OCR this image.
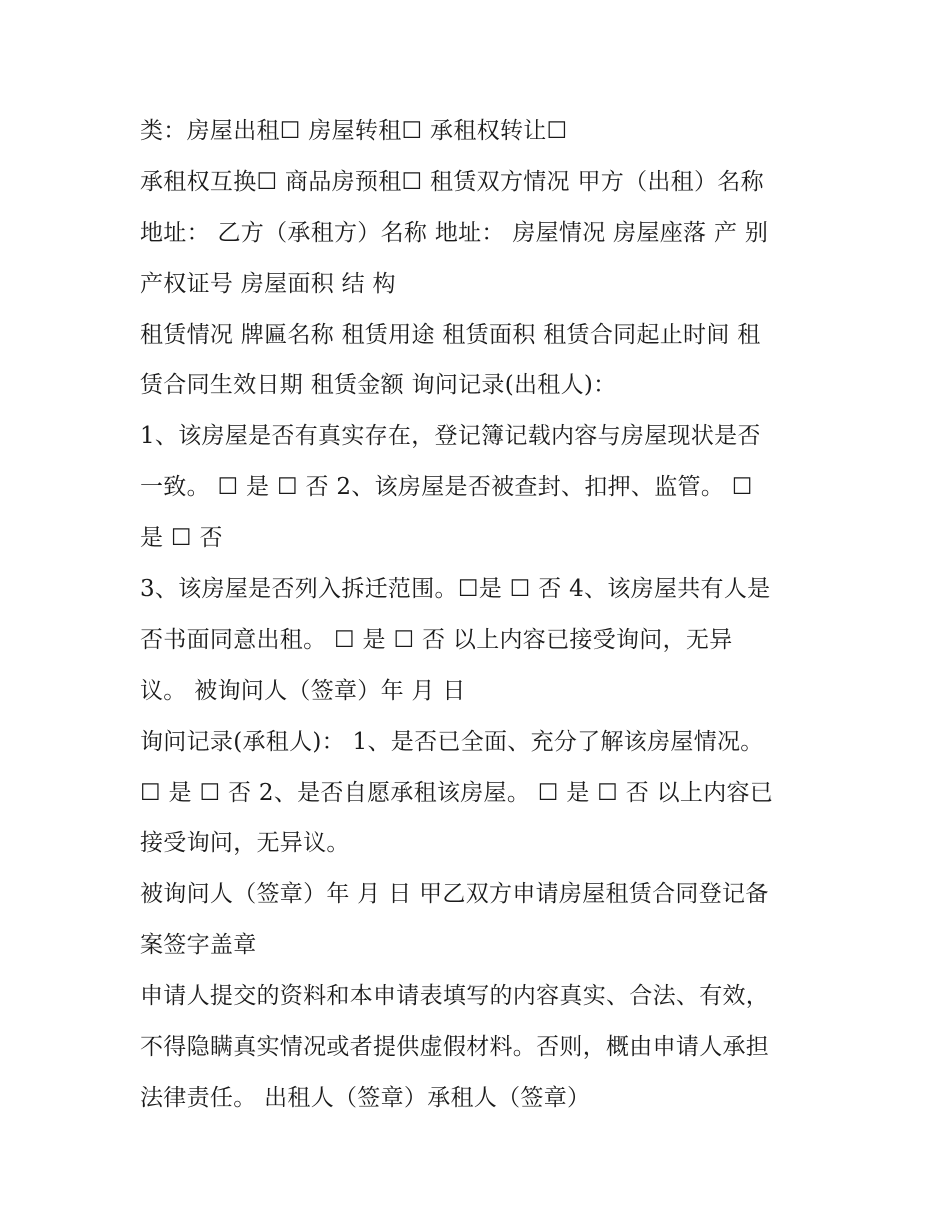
类：房屋出租☐ 房屋转租☐ 承租权转让☐
承租权互换☐ 商品房预租☐ 租赁双方情况 甲方（出租）名称
地址： 乙方（承租方）名称 地址： 房屋情况 房屋座落 产 别
产权证号 房屋面积 结 构
租赁情况 牌匾名称 租赁用途 租赁面积 租赁合同起止时间 租
赁合同生效日期 租赁金额 询问记录(出租人)：
1、该房屋是否有真实存在，登记簿记载内容与房屋现状是否
一致。 ☐ 是 ☐ 否 2、该房屋是否被查封、扣押、监管。 ☐
是 ☐ 否
3、该房屋是否列入拆迁范围。☐是 ☐ 否 4、该房屋共有人是
否书面同意出租。 ☐ 是 ☐ 否 以上内容已接受询问，无异
议。 被询问人（签章）年 月 日
询问记录(承租人)： 1、是否已全面、充分了解该房屋情况。
☐ 是 ☐ 否 2、是否自愿承租该房屋。 ☐ 是 ☐ 否 以上内容已
接受询问，无异议。
被询问人（签章）年 月 日 甲乙双方申请房屋租赁合同登记备
案签字盖章
申请人提交的资料和本申请表填写的内容真实、合法、有效，
不得隐瞒真实情况或者提供虚假材料。否则，概由申请人承担
法律责任。 出租人（签章）承租人（签章）
